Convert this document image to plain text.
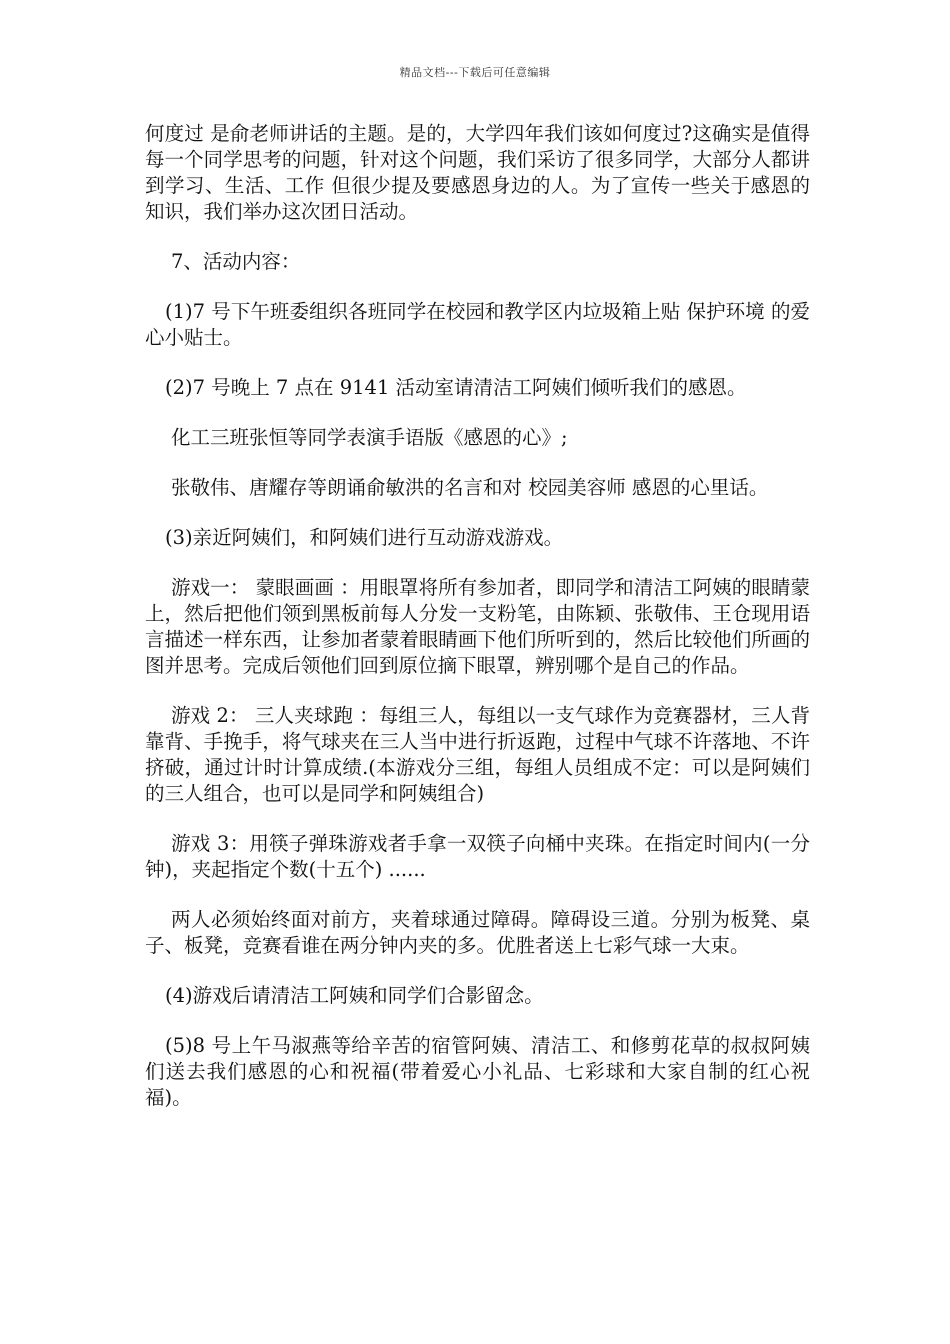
精品文档---下载后可任意编辑

何度过 是俞老师讲话的主题。是的，大学四年我们该如何度过?这确实是值得每一个同学思考的问题，针对这个问题，我们采访了很多同学，大部分人都讲到学习、生活、工作 但很少提及要感恩身边的人。为了宣传一些关于感恩的知识，我们举办这次团日活动。

7、活动内容：

(1)7 号下午班委组织各班同学在校园和教学区内垃圾箱上贴 保护环境 的爱心小贴士。

(2)7 号晚上 7 点在 9141 活动室请清洁工阿姨们倾听我们的感恩。

化工三班张恒等同学表演手语版《感恩的心》;

张敬伟、唐耀存等朗诵俞敏洪的名言和对 校园美容师 感恩的心里话。

(3)亲近阿姨们，和阿姨们进行互动游戏游戏。

游戏一： 蒙眼画画 ：用眼罩将所有参加者，即同学和清洁工阿姨的眼睛蒙上，然后把他们领到黑板前每人分发一支粉笔，由陈颖、张敬伟、王仓现用语言描述一样东西，让参加者蒙着眼睛画下他们所听到的，然后比较他们所画的图并思考。完成后领他们回到原位摘下眼罩，辨别哪个是自己的作品。

游戏 2： 三人夹球跑 ：每组三人，每组以一支气球作为竞赛器材，三人背靠背、手挽手，将气球夹在三人当中进行折返跑，过程中气球不许落地、不许挤破，通过计时计算成绩.(本游戏分三组，每组人员组成不定：可以是阿姨们的三人组合，也可以是同学和阿姨组合)

游戏 3：用筷子弹珠游戏者手拿一双筷子向桶中夹珠。在指定时间内(一分钟)，夹起指定个数(十五个) ......

两人必须始终面对前方，夹着球通过障碍。障碍设三道。分别为板凳、桌子、板凳，竞赛看谁在两分钟内夹的多。优胜者送上七彩气球一大束。

(4)游戏后请清洁工阿姨和同学们合影留念。

(5)8 号上午马淑燕等给辛苦的宿管阿姨、清洁工、和修剪花草的叔叔阿姨们送去我们感恩的心和祝福(带着爱心小礼品、七彩球和大家自制的红心祝福)。
